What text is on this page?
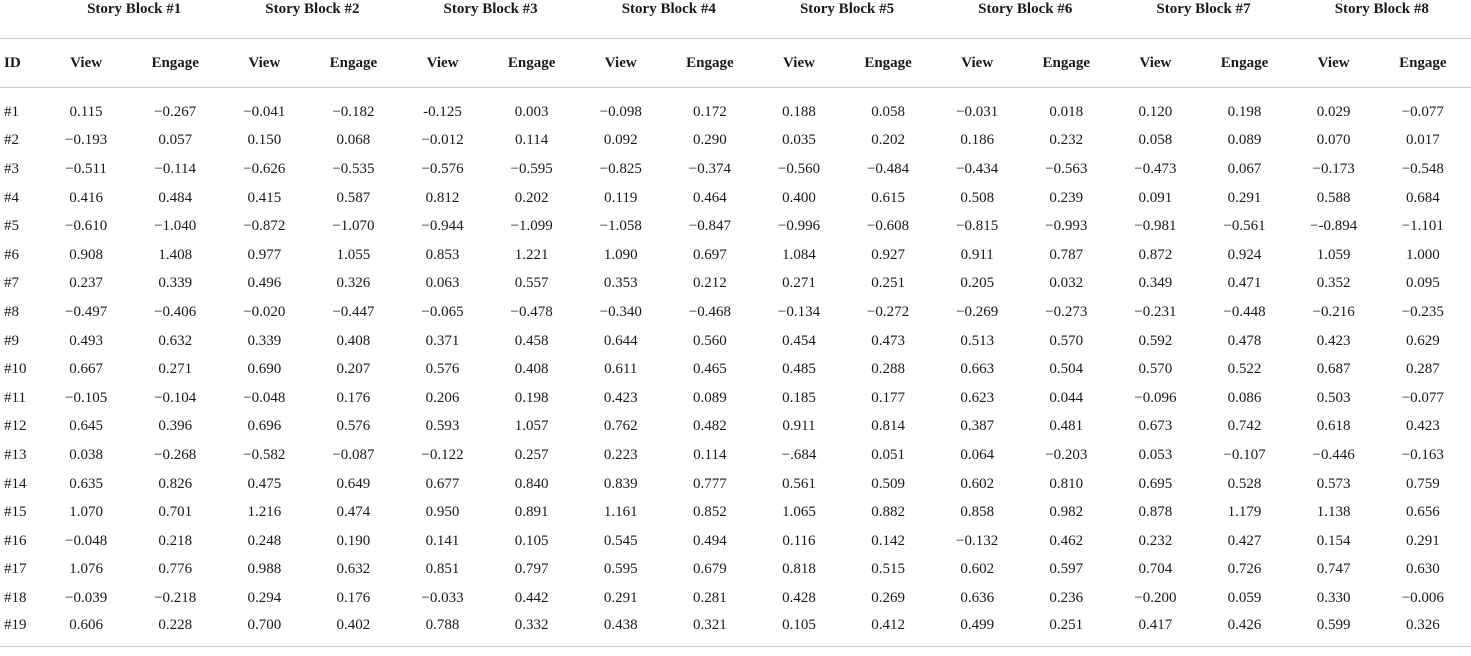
	Story Block #1		Story Block #2		Story Block #3		Story Block #4		Story Block #5		Story Block #6		Story Block #7		Story Block #8	
ID	View	Engage	View	Engage	View	Engage	View	Engage	View	Engage	View	Engage	View	Engage	View	Engage

#1	0.115	−0.267	−0.041	−0.182	-0.125	0.003	−0.098	0.172	0.188	0.058	−0.031	0.018	0.120	0.198	0.029	−0.077
#2	−0.193	0.057	0.150	0.068	−0.012	0.114	0.092	0.290	0.035	0.202	0.186	0.232	0.058	0.089	0.070	0.017
#3	−0.511	−0.114	−0.626	−0.535	−0.576	−0.595	−0.825	−0.374	−0.560	−0.484	−0.434	−0.563	−0.473	0.067	−0.173	−0.548
#4	0.416	0.484	0.415	0.587	0.812	0.202	0.119	0.464	0.400	0.615	0.508	0.239	0.091	0.291	0.588	0.684
#5	−0.610	−1.040	−0.872	−1.070	−0.944	−1.099	−1.058	−0.847	−0.996	−0.608	−0.815	−0.993	−0.981	−0.561	−-0.894	−1.101
#6	0.908	1.408	0.977	1.055	0.853	1.221	1.090	0.697	1.084	0.927	0.911	0.787	0.872	0.924	1.059	1.000
#7	0.237	0.339	0.496	0.326	0.063	0.557	0.353	0.212	0.271	0.251	0.205	0.032	0.349	0.471	0.352	0.095
#8	−0.497	−0.406	−0.020	−0.447	−0.065	−0.478	−0.340	−0.468	−0.134	−0.272	−0.269	−0.273	−0.231	−0.448	−0.216	−0.235
#9	0.493	0.632	0.339	0.408	0.371	0.458	0.644	0.560	0.454	0.473	0.513	0.570	0.592	0.478	0.423	0.629
#10	0.667	0.271	0.690	0.207	0.576	0.408	0.611	0.465	0.485	0.288	0.663	0.504	0.570	0.522	0.687	0.287
#11	−0.105	−0.104	−0.048	0.176	0.206	0.198	0.423	0.089	0.185	0.177	0.623	0.044	−0.096	0.086	0.503	−0.077
#12	0.645	0.396	0.696	0.576	0.593	1.057	0.762	0.482	0.911	0.814	0.387	0.481	0.673	0.742	0.618	0.423
#13	0.038	−0.268	−0.582	−0.087	−0.122	0.257	0.223	0.114	−.684	0.051	0.064	−0.203	0.053	−0.107	−0.446	−0.163
#14	0.635	0.826	0.475	0.649	0.677	0.840	0.839	0.777	0.561	0.509	0.602	0.810	0.695	0.528	0.573	0.759
#15	1.070	0.701	1.216	0.474	0.950	0.891	1.161	0.852	1.065	0.882	0.858	0.982	0.878	1.179	1.138	0.656
#16	−0.048	0.218	0.248	0.190	0.141	0.105	0.545	0.494	0.116	0.142	−0.132	0.462	0.232	0.427	0.154	0.291
#17	1.076	0.776	0.988	0.632	0.851	0.797	0.595	0.679	0.818	0.515	0.602	0.597	0.704	0.726	0.747	0.630
#18	−0.039	−0.218	0.294	0.176	−0.033	0.442	0.291	0.281	0.428	0.269	0.636	0.236	−0.200	0.059	0.330	−0.006
#19	0.606	0.228	0.700	0.402	0.788	0.332	0.438	0.321	0.105	0.412	0.499	0.251	0.417	0.426	0.599	0.326
